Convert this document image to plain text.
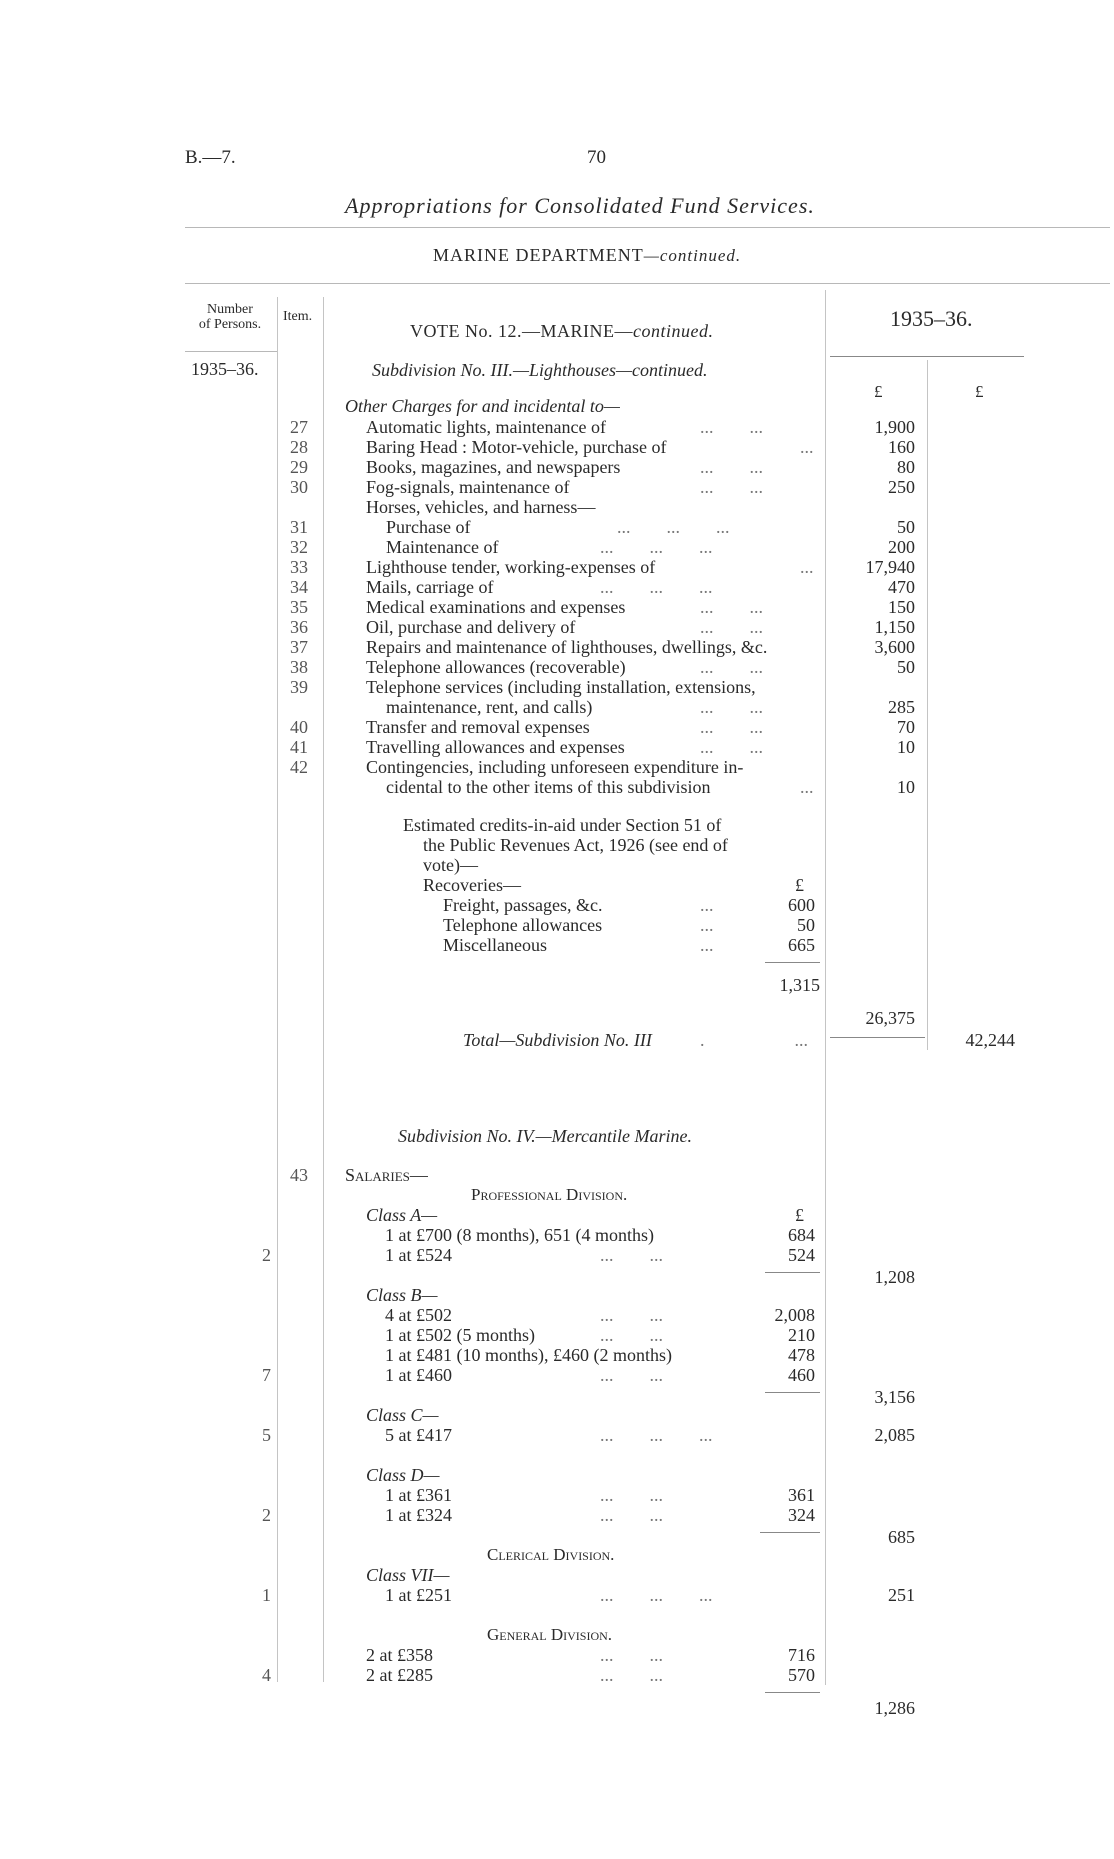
B.—7.	70
Appropriations for Consolidated Fund Services.
MARINE DEPARTMENT—continued.
Number
of Persons.
Item.
VOTE No. 12.—MARINE—continued.	1935–36.
1935–36.
£	£
Subdivision No. III.—Lighthouses—continued.
Other Charges for and incidental to—
27	Automatic lights, maintenance of	...        ...	1,900
28	Baring Head : Motor-vehicle, purchase of	...	160
29	Books, magazines, and newspapers	...        ...	80
30	Fog-signals, maintenance of	...        ...	250
Horses, vehicles, and harness—
31	Purchase of	...        ...        ...	50
32	Maintenance of	...        ...        ...	200
33	Lighthouse tender, working-expenses of	...	17,940
34	Mails, carriage of	...        ...        ...	470
35	Medical examinations and expenses	...        ...	150
36	Oil, purchase and delivery of	...        ...	1,150
37	Repairs and maintenance of lighthouses, dwellings, &c.	3,600
38	Telephone allowances (recoverable)	...        ...	50
39	Telephone services (including installation, extensions,
maintenance, rent, and calls)	...        ...	285
40	Transfer and removal expenses	...        ...	70
41	Travelling allowances and expenses	...        ...	10
42	Contingencies, including unforeseen expenditure in-
cidental to the other items of this subdivision	...	10
Estimated credits-in-aid under Section 51 of
the Public Revenues Act, 1926 (see end of
vote)—
Recoveries—	£
Freight, passages, &c.	...	600
Telephone allowances	...	50
Miscellaneous	...	665
1,315
26,375
Total—Subdivision No. III	.                    ...	42,244
Subdivision No. IV.—Mercantile Marine.
43 Salaries—
Professional Division.
Class A—	£
1 at £700 (8 months), 651 (4 months)	684
2	1 at £524	...        ...	524
1,208
Class B—
4 at £502	...        ...	2,008
1 at £502 (5 months)	...        ...	210
1 at £481 (10 months), £460 (2 months)	478
7	1 at £460	...        ...	460
3,156
Class C—
5	5 at £417	...        ...        ...	2,085
Class D—
1 at £361	...        ...	361
2	1 at £324	...        ...	324
685
Clerical Division.
Class VII—
1	1 at £251	...        ...        ...	251
General Division.
2 at £358	...        ...	716
4	2 at £285	...        ...	570
1,286
